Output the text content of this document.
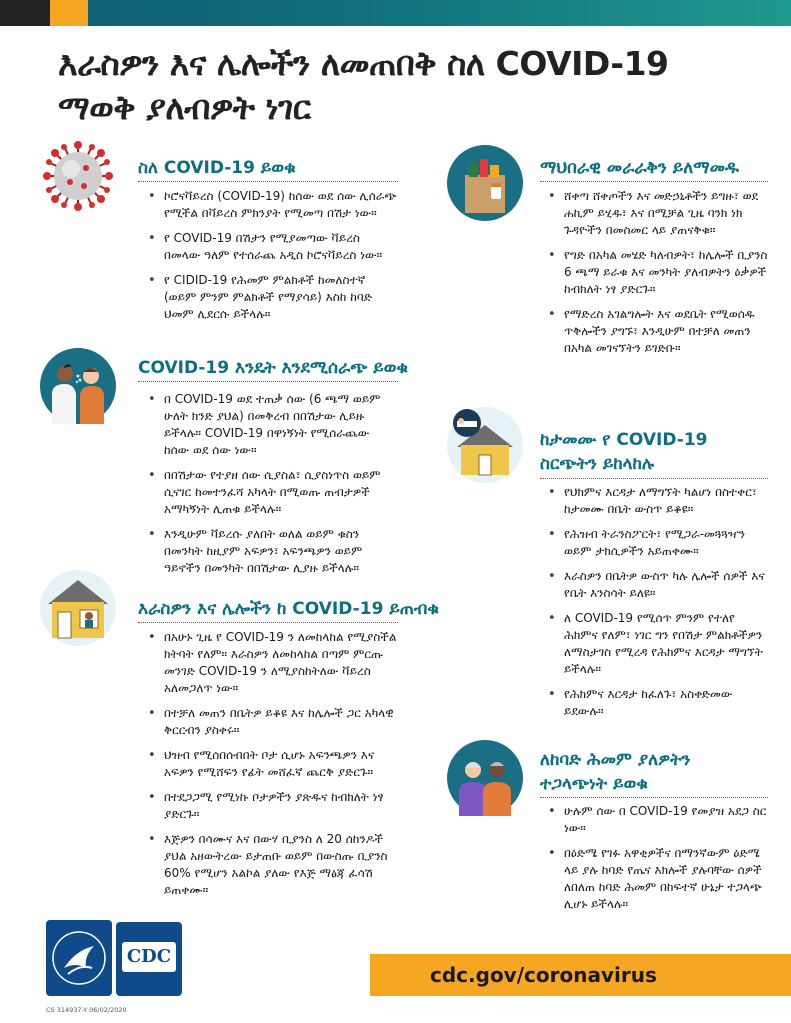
እራስዎን እና ሌሎችን ለመጠበቅ ስለ COVID-19
ማወቅ ያለብዎት ነገር
ስለ COVID-19 ይወቁ
• ኮሮናቫይረስ (COVID-19) ከሰው ወደ ሰው ሊሰራጭ የሚችል በቫይረስ ምክንያት የሚመጣ በሽታ ነው።
• የ COVID-19 በሽታን የሚያመጣው ቫይረስ በመላው ዓለም የተሰራጨ አዲስ ኮሮናቫይረስ ነው።
• የ CIDID-19 የሕመም ምልክቶች ከመለስተኛ (ወይም ምንም ምልክቶች የማያሳይ) እስከ ከባድ ህመም ሊደርሱ ይችላሉ።
COVID-19 እንዴት እንደሚሰራጭ ይወቁ
• በ COVID-19 ወደ ተጠቃ ሰው (6 ጫማ ወይም ሁለት ክንድ ያህል) በመቅረብ በበሽታው ሊይዙ ይችላሉ። COVID-19 በዋነኝነት የሚሰራጨው ከሰው ወደ ሰው ነው።
• በበሽታው የተያዘ ሰው ሲያስል፣ ሲያስነጥስ ወይም ሲናገር ከመተንፈሻ አካላት በሚወጡ ጠብታዎች አማካኝነት ሊጠቁ ይችላሉ።
• እንዲሁም ቫይረሱ ያለበት ወለል ወይም ቁስን በመንካት ከዚያም አፍዎን፣ አፍንጫዎን ወይም ዓይኖችን በመንካት በበሽታው ሊያዙ ይችላሉ።
እራስዎን እና ሌሎችን ከ COVID-19 ይጠብቁ
• በአሁኑ ጊዜ የ COVID-19 ን ለመከላከል የሚያስችል ክትባት የለም። እራስዎን ለመከላከል በጣም ምርጡ መንገድ COVID-19 ን ለሚያስከትለው ቫይረስ አለመጋለጥ ነው።
• በተቻለ መጠን በቤትዎ ይቆዩ እና ከሌሎች ጋር አካላዊ ቅርርብን ያስቀሩ።
• ህዝብ የሚሰበሰብበት ቦታ ሲሆኑ አፍንጫዎን እና አፍዎን የሚሸፍን የፊት መሸፈኛ ጨርቅ ያድርጉ።
• በተደጋጋሚ የሚነኩ ቦታዎችን ያጽዱና ከብክለት ነፃ ያድርጉ።
• እጅዎን በሳሙና እና በውሃ ቢያንስ ለ 20 ሰከንዶች ያህል አዘውትረው ይታጠቡ ወይም በውስጡ ቢያንስ 60% የሚሆን አልኮል ያለው የእጅ ማፅጃ ፈሳሽ ይጠቀሙ።
ማህበራዊ መራራቅን ይለማመዱ
• ሸቀጣ ሸቀጦችን እና መድኃኒቶችን ይግዙ፣ ወደ ሐኪም ይሂዱ፣ እና በሚቻል ጊዜ ባንክ ነክ ጉዳዮችን በመስመር ላይ ያጠናቅቁ።
• የግድ በአካል መሄድ ካለብዎት፣ ከሌሎች ቢያንስ 6 ጫማ ይራቁ እና መንካት ያለብዎትን ዕቃዎች ከብክለት ነፃ ያድርጉ።
• የማድረስ አገልግሎት እና ወደቤት የሚወሰዱ ጥቅሎችን ያግኙ፣ እንዲሁም በተቻለ መጠን በአካል መገናኘትን ይገድቡ።
ከታመሙ የ COVID-19
ስርጭትን ይከላከሉ
• የህክምና እርዳታ ለማግኘት ካልሆነ በስተቀር፣ ከታመሙ በቤት ውስጥ ይቆዩ።
• የሕዝብ ትራንስፖርት፣ የሚጋራ-መጓጓዣን ወይም ታክሲዎችን አይጠቀሙ።
• እራስዎን በቤትዎ ውስጥ ካሉ ሌሎች ሰዎች እና የቤት እንስሳት ይለዩ።
• ለ COVID-19 የሚሰጥ ምንም የተለየ ሕክምና የለም፣ ነገር ግን የበሽታ ምልክቶችዎን ለማስታገስ የሚረዳ የሕክምና እርዳታ ማግኘት ይችላሉ።
• የሕክምና እርዳታ ከፈለጉ፣ አስቀድመው ይደውሉ።
ለከባድ ሕመም ያለዎትን
ተጋላጭነት ይወቁ
• ሁሉም ሰው በ COVID-19 የመያዝ አደጋ ስር ነው።
• በዕድሜ የገፉ አዋቂዎችና በማንኛውም ዕድሜ ላይ ያሉ ከባድ የጤና እክሎች ያሉባቸው ሰዎች ለበለጠ ከባድ ሕመም በከፍተኛ ሁኔታ ተጋላጭ ሊሆኑ ይችላሉ።
CDC
cdc.gov/coronavirus
CS 314937-Y 06/02/2020
